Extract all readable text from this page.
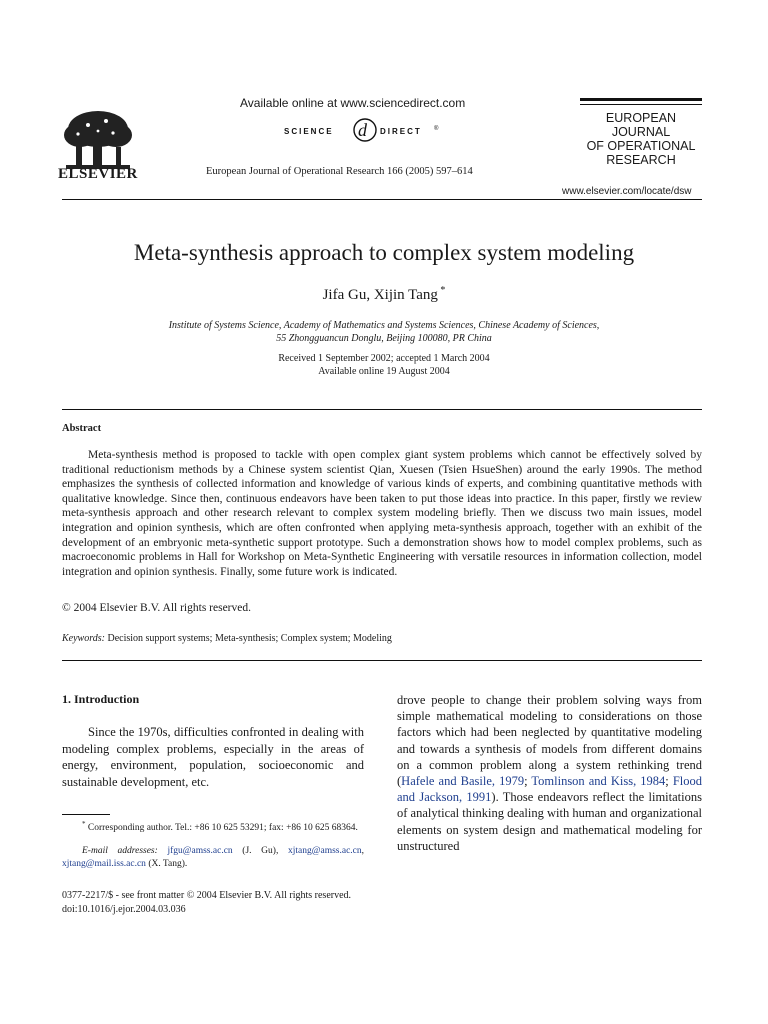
ELSEVIER
Available online at www.sciencedirect.com
SCIENCE d DIRECT ®
European Journal of Operational Research 166 (2005) 597–614
EUROPEAN
JOURNAL
OF OPERATIONAL
RESEARCH
www.elsevier.com/locate/dsw
Meta-synthesis approach to complex system modeling
Jifa Gu, Xijin Tang *
Institute of Systems Science, Academy of Mathematics and Systems Sciences, Chinese Academy of Sciences,
55 Zhongguancun Donglu, Beijing 100080, PR China
Received 1 September 2002; accepted 1 March 2004
Available online 19 August 2004
Abstract

Meta-synthesis method is proposed to tackle with open complex giant system problems which cannot be effectively solved by traditional reductionism methods by a Chinese system scientist Qian, Xuesen (Tsien HsueShen) around the early 1990s. The method emphasizes the synthesis of collected information and knowledge of various kinds of experts, and combining quantitative methods with qualitative knowledge. Since then, continuous endeavors have been taken to put those ideas into practice. In this paper, firstly we review meta-synthesis approach and other research relevant to complex system modeling briefly. Then we discuss two main issues, model integration and opinion synthesis, which are often confronted when applying meta-synthesis approach, together with an exhibit of the development of an embryonic meta-synthetic support prototype. Such a demonstration shows how to model complex problems, such as macroeconomic problems in Hall for Workshop on Meta-Synthetic Engineering with versatile resources in information collection, model integration and opinion synthesis. Finally, some future work is indicated.

© 2004 Elsevier B.V. All rights reserved.
Keywords: Decision support systems; Meta-synthesis; Complex system; Modeling
1. Introduction

Since the 1970s, difficulties confronted in dealing with modeling complex problems, especially in the areas of energy, environment, population, socioeconomic and sustainable development, etc.

drove people to change their problem solving ways from simple mathematical modeling to considerations on those factors which had been neglected by quantitative modeling and towards a synthesis of models from different domains on a common problem along a system rethinking trend (Hafele and Basile, 1979; Tomlinson and Kiss, 1984; Flood and Jackson, 1991). Those endeavors reflect the limitations of analytical thinking dealing with human and organizational elements on system design and mathematical modeling for unstructured

* Corresponding author. Tel.: +86 10 625 53291; fax: +86 10 625 68364.

E-mail addresses: jfgu@amss.ac.cn (J. Gu), xjtang@amss.ac.cn, xjtang@mail.iss.ac.cn (X. Tang).

0377-2217/$ - see front matter © 2004 Elsevier B.V. All rights reserved.
doi:10.1016/j.ejor.2004.03.036
